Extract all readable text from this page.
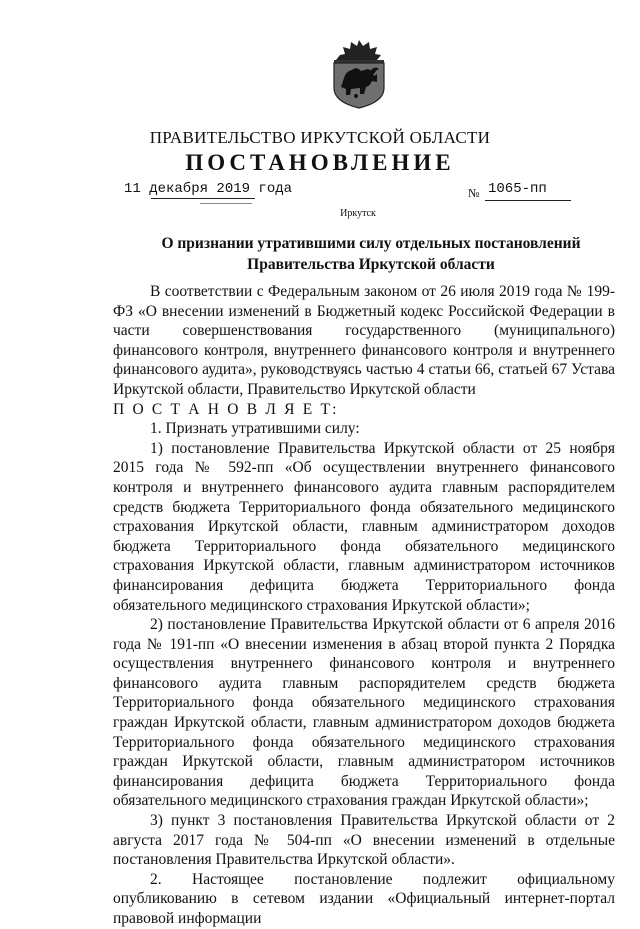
ПРАВИТЕЛЬСТВО ИРКУТСКОЙ ОБЛАСТИ
ПОСТАНОВЛЕНИЕ
11 декабря 2019 года	№ 1065-пп
Иркутск
О признании утратившими силу отдельных постановлений
Правительства Иркутской области

В соответствии с Федеральным законом от 26 июля 2019 года № 199-ФЗ «О внесении изменений в Бюджетный кодекс Российской Федерации в части совершенствования государственного (муниципального) финансового контроля, внутреннего финансового контроля и внутреннего финансового аудита», руководствуясь частью 4 статьи 66, статьей 67 Устава Иркутской области, Правительство Иркутской области

П О С Т А Н О В Л Я Е Т:

1. Признать утратившими силу:

1) постановление Правительства Иркутской области от 25 ноября 2015 года № 592-пп «Об осуществлении внутреннего финансового контроля и внутреннего финансового аудита главным распорядителем средств бюджета Территориального фонда обязательного медицинского страхования Иркутской области, главным администратором доходов бюджета Территориального фонда обязательного медицинского страхования Иркутской области, главным администратором источников финансирования дефицита бюджета Территориального фонда обязательного медицинского страхования Иркутской области»;

2) постановление Правительства Иркутской области от 6 апреля 2016 года № 191-пп «О внесении изменения в абзац второй пункта 2 Порядка осуществления внутреннего финансового контроля и внутреннего финансового аудита главным распорядителем средств бюджета Территориального фонда обязательного медицинского страхования граждан Иркутской области, главным администратором доходов бюджета Территориального фонда обязательного медицинского страхования граждан Иркутской области, главным администратором источников финансирования дефицита бюджета Территориального фонда обязательного медицинского страхования граждан Иркутской области»;

3) пункт 3 постановления Правительства Иркутской области от 2 августа 2017 года № 504-пп «О внесении изменений в отдельные постановления Правительства Иркутской области».

2. Настоящее постановление подлежит официальному опубликованию в сетевом издании «Официальный интернет-портал правовой информации
